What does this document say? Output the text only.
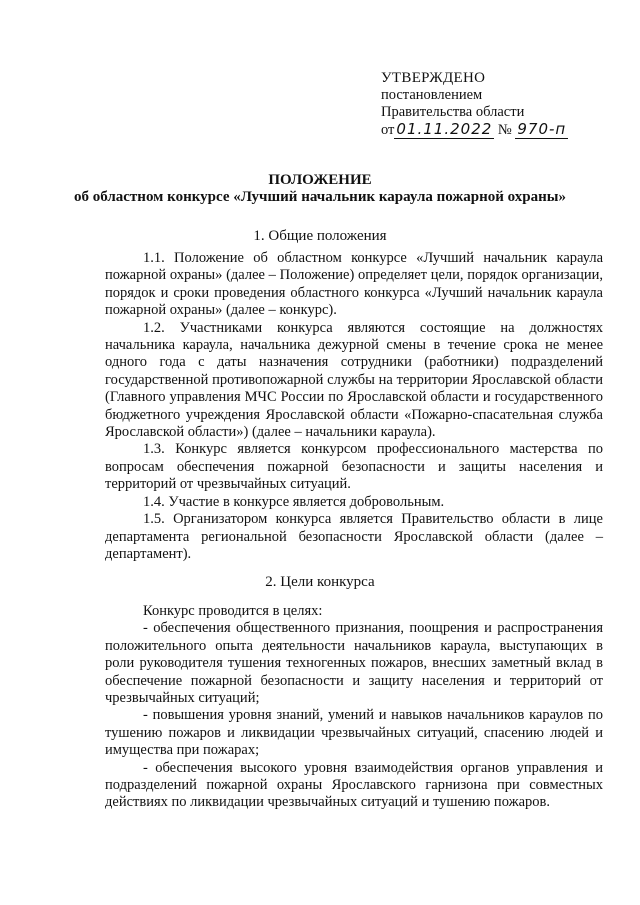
УТВЕРЖДЕНО
постановлением
Правительства области
от 01.11.2022 № 970-п
ПОЛОЖЕНИЕ
об областном конкурсе «Лучший начальник караула пожарной охраны»
1. Общие положения

1.1. Положение об областном конкурсе «Лучший начальник караула пожарной охраны» (далее – Положение) определяет цели, порядок организации, порядок и сроки проведения областного конкурса «Лучший начальник караула пожарной охраны» (далее – конкурс).

1.2. Участниками конкурса являются состоящие на должностях начальника караула, начальника дежурной смены в течение срока не менее одного года с даты назначения сотрудники (работники) подразделений государственной противопожарной службы на территории Ярославской области (Главного управления МЧС России по Ярославской области и государственного бюджетного учреждения Ярославской области «Пожарно-спасательная служба Ярославской области») (далее – начальники караула).

1.3. Конкурс является конкурсом профессионального мастерства по вопросам обеспечения пожарной безопасности и защиты населения и территорий от чрезвычайных ситуаций.

1.4. Участие в конкурсе является добровольным.

1.5. Организатором конкурса является Правительство области в лице департамента региональной безопасности Ярославской области (далее – департамент).

2. Цели конкурса

Конкурс проводится в целях:

- обеспечения общественного признания, поощрения и распространения положительного опыта деятельности начальников караула, выступающих в роли руководителя тушения техногенных пожаров, внесших заметный вклад в обеспечение пожарной безопасности и защиту населения и территорий от чрезвычайных ситуаций;

- повышения уровня знаний, умений и навыков начальников караулов по тушению пожаров и ликвидации чрезвычайных ситуаций, спасению людей и имущества при пожарах;

- обеспечения высокого уровня взаимодействия органов управления и подразделений пожарной охраны Ярославского гарнизона при совместных действиях по ликвидации чрезвычайных ситуаций и тушению пожаров.
